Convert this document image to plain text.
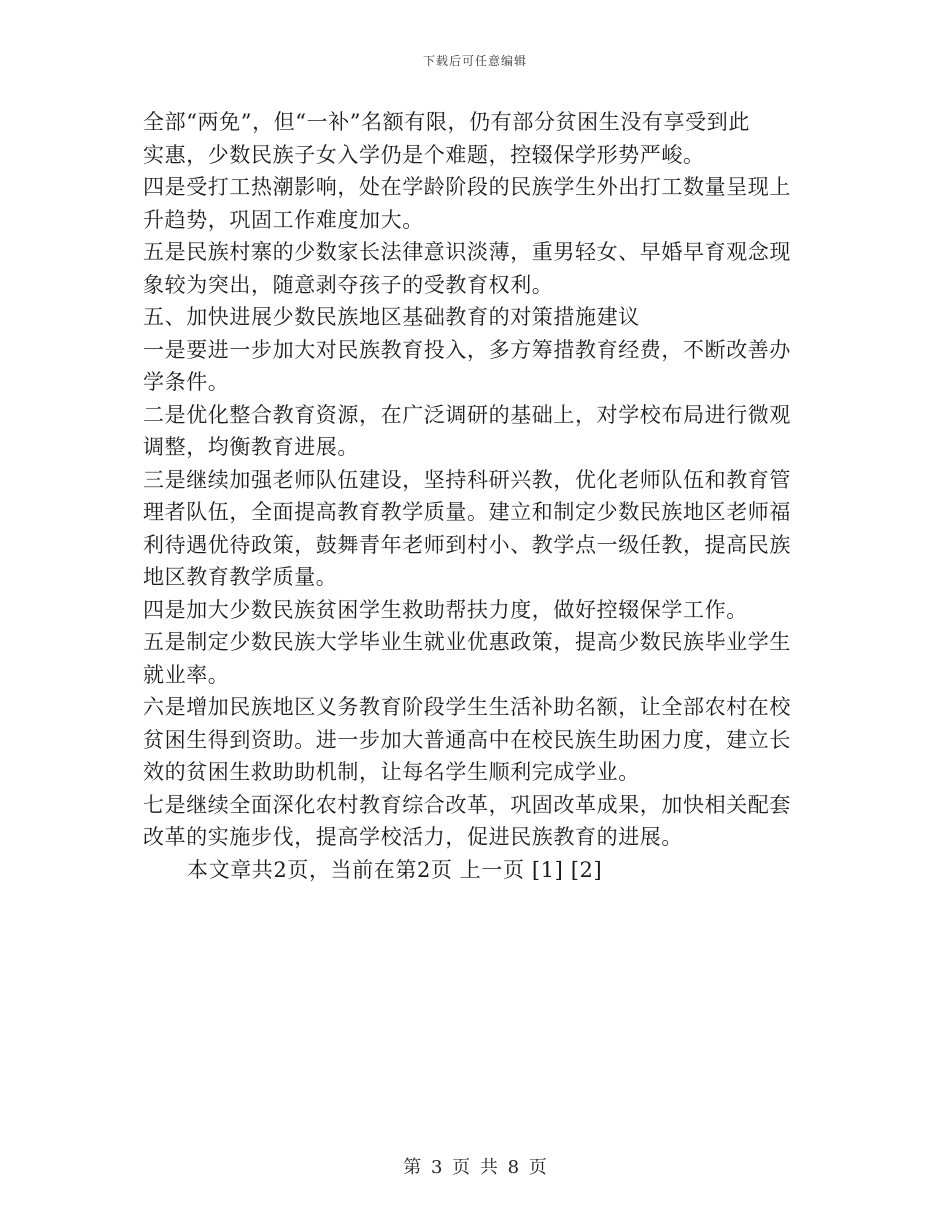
下载后可任意编辑
全部“两免”，但“一补”名额有限，仍有部分贫困生没有享受到此
实惠，少数民族子女入学仍是个难题，控辍保学形势严峻。
四是受打工热潮影响，处在学龄阶段的民族学生外出打工数量呈现上
升趋势，巩固工作难度加大。
五是民族村寨的少数家长法律意识淡薄，重男轻女、早婚早育观念现
象较为突出，随意剥夺孩子的受教育权利。
五、加快进展少数民族地区基础教育的对策措施建议
一是要进一步加大对民族教育投入，多方筹措教育经费，不断改善办
学条件。
二是优化整合教育资源，在广泛调研的基础上，对学校布局进行微观
调整，均衡教育进展。
三是继续加强老师队伍建设，坚持科研兴教，优化老师队伍和教育管
理者队伍，全面提高教育教学质量。建立和制定少数民族地区老师福
利待遇优待政策，鼓舞青年老师到村小、教学点一级任教，提高民族
地区教育教学质量。
四是加大少数民族贫困学生救助帮扶力度，做好控辍保学工作。
五是制定少数民族大学毕业生就业优惠政策，提高少数民族毕业学生
就业率。
六是增加民族地区义务教育阶段学生生活补助名额，让全部农村在校
贫困生得到资助。进一步加大普通高中在校民族生助困力度，建立长
效的贫困生救助助机制，让每名学生顺利完成学业。
七是继续全面深化农村教育综合改革，巩固改革成果，加快相关配套
改革的实施步伐，提高学校活力，促进民族教育的进展。
本文章共2页，当前在第2页 上一页 [1] [2]
第 3 页 共 8 页
